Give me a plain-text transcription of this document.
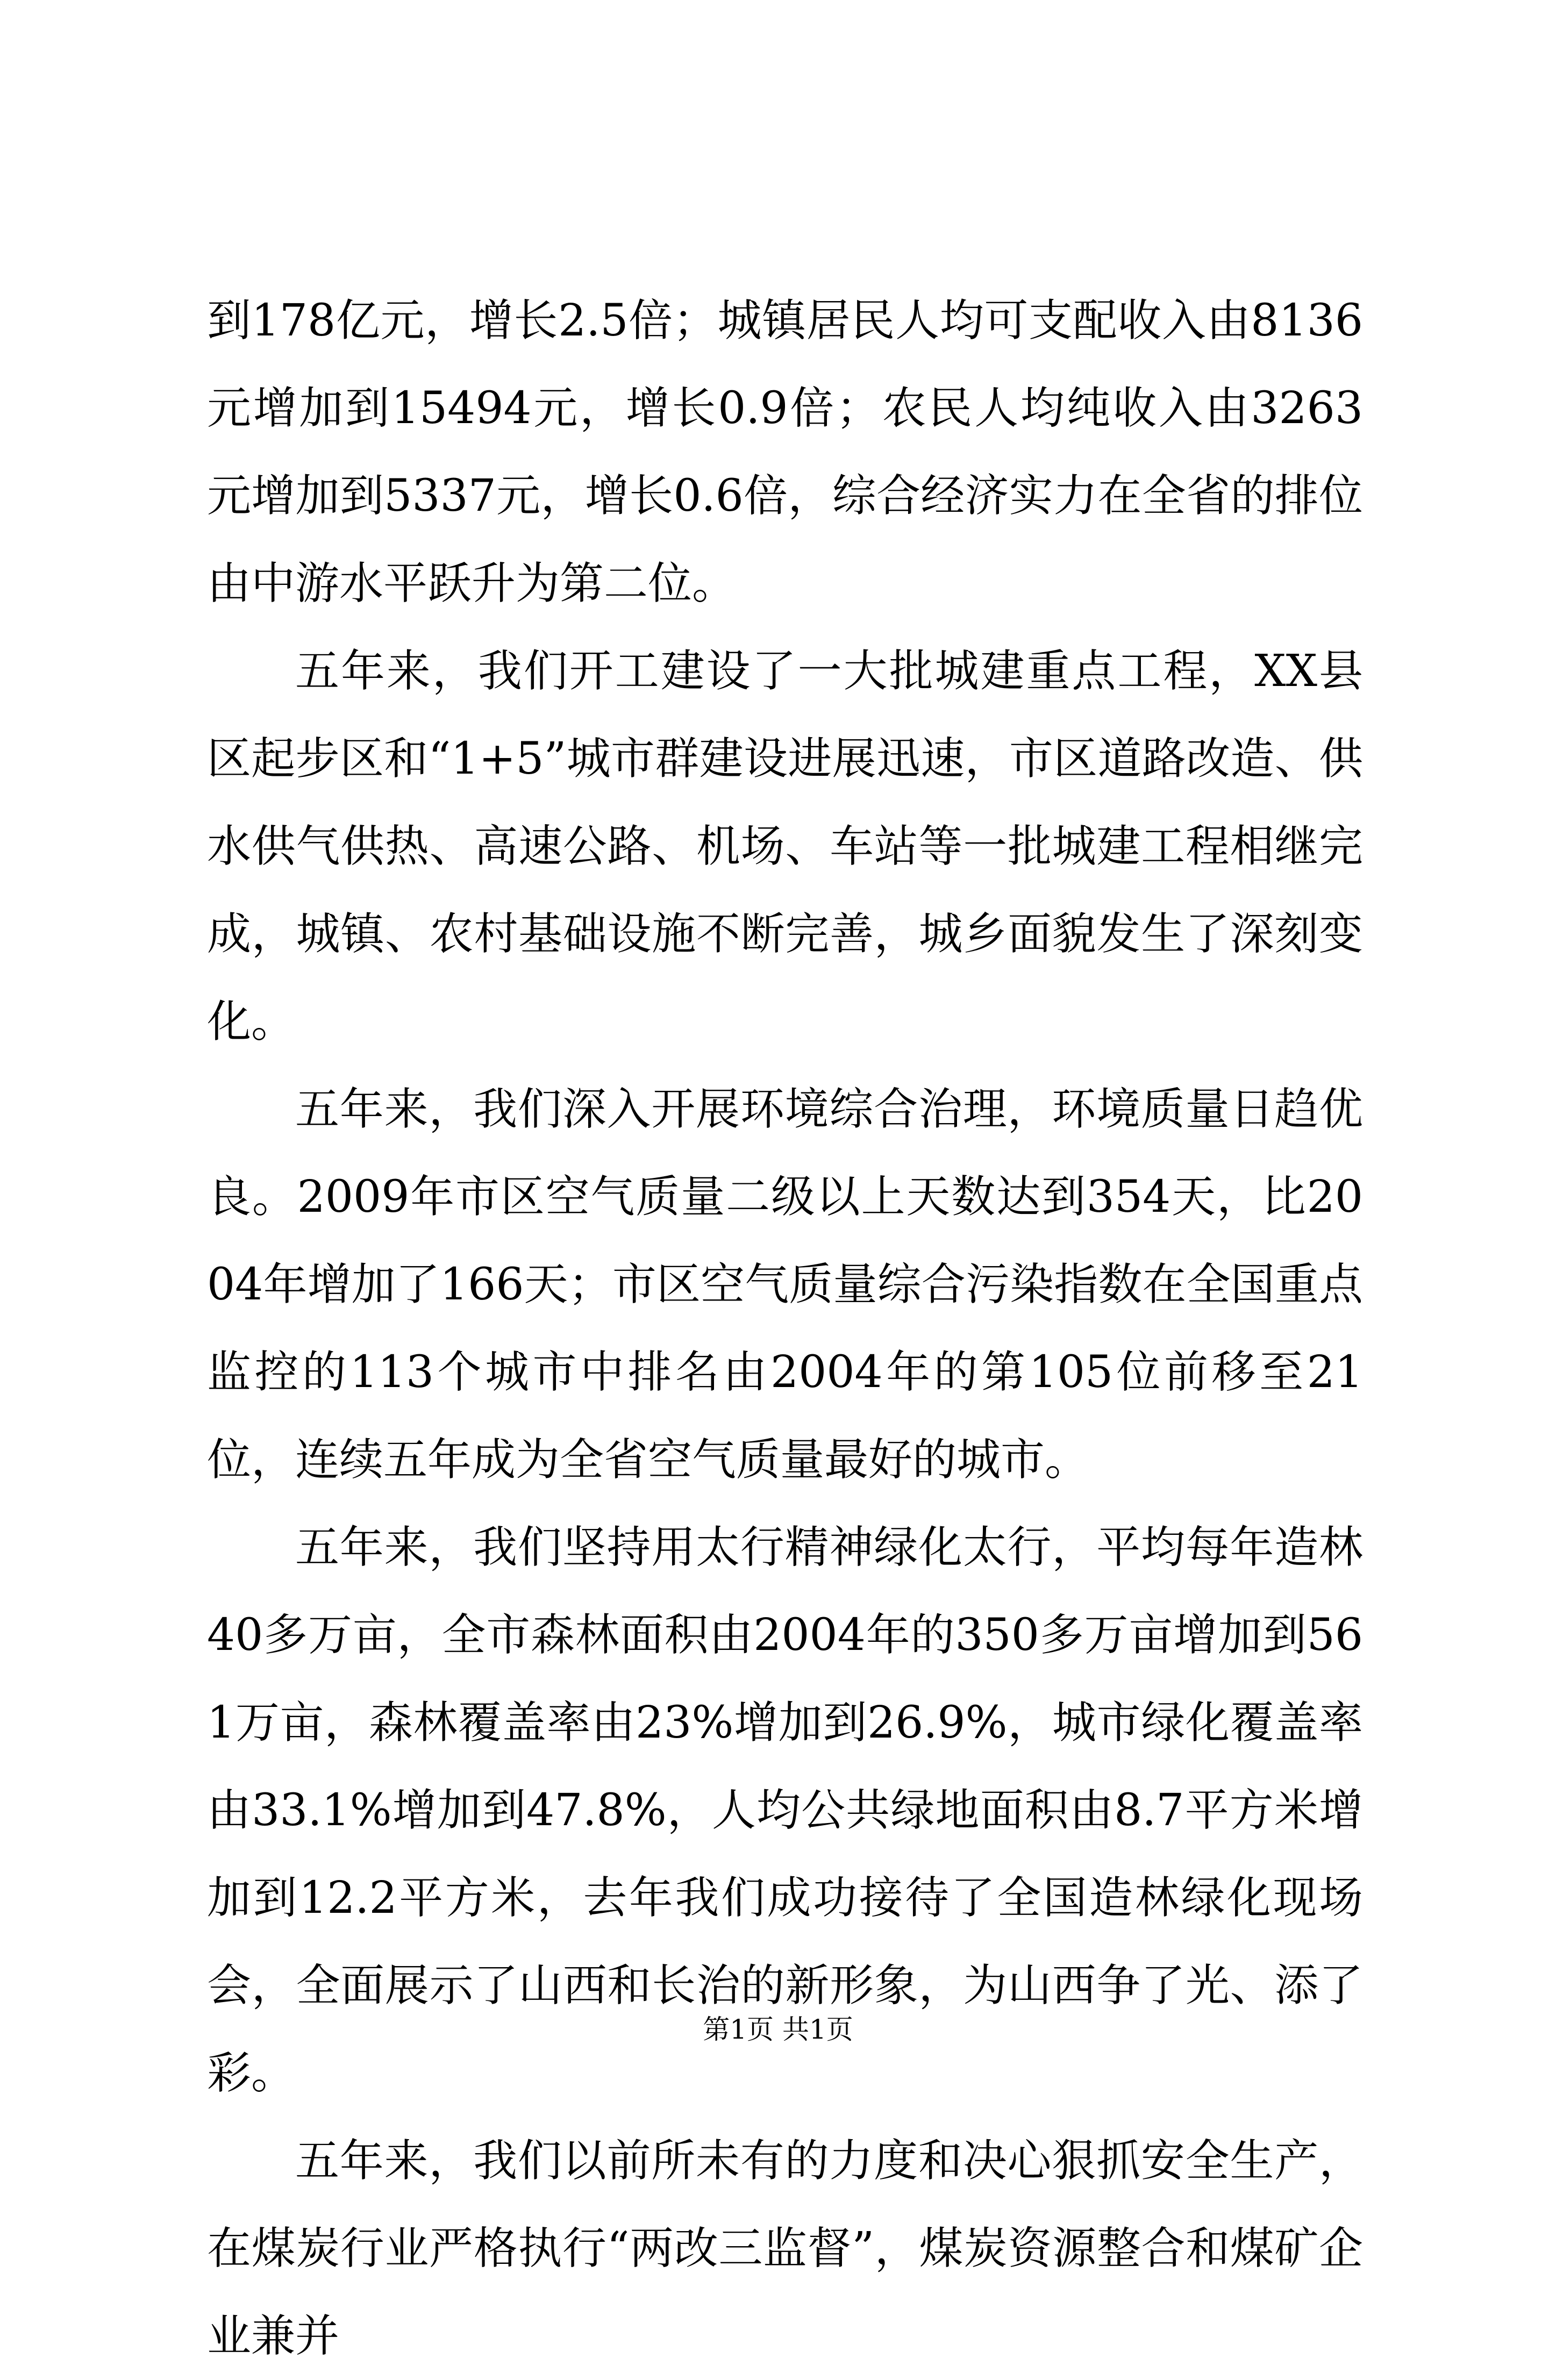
到178亿元，增长2.5倍；城镇居民人均可支配收入由8136元增加到15494元，增长0.9倍；农民人均纯收入由3263元增加到5337元，增长0.6倍，综合经济实力在全省的排位由中游水平跃升为第二位。

五年来，我们开工建设了一大批城建重点工程，XX县区起步区和“1+5”城市群建设进展迅速，市区道路改造、供水供气供热、高速公路、机场、车站等一批城建工程相继完成，城镇、农村基础设施不断完善，城乡面貌发生了深刻变化。

五年来，我们深入开展环境综合治理，环境质量日趋优良。2009年市区空气质量二级以上天数达到354天，比2004年增加了166天；市区空气质量综合污染指数在全国重点监控的113个城市中排名由2004年的第105位前移至21位，连续五年成为全省空气质量最好的城市。

五年来，我们坚持用太行精神绿化太行，平均每年造林40多万亩，全市森林面积由2004年的350多万亩增加到561万亩，森林覆盖率由23%增加到26.9%，城市绿化覆盖率由33.1%增加到47.8%，人均公共绿地面积由8.7平方米增加到12.2平方米，去年我们成功接待了全国造林绿化现场会，全面展示了山西和长治的新形象，为山西争了光、添了彩。

五年来，我们以前所未有的力度和决心狠抓安全生产，在煤炭行业严格执行“两改三监督”，煤炭资源整合和煤矿企业兼并

第1页 共1页
